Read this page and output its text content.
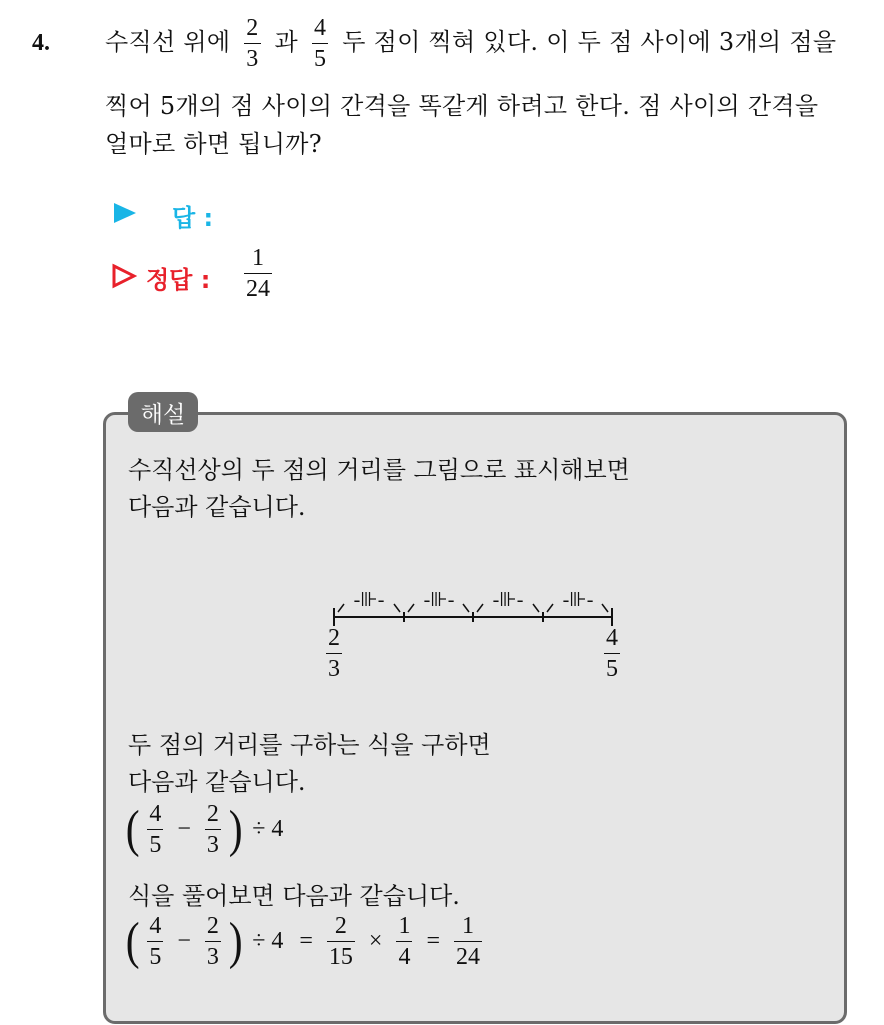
4. 수직선 위에 $\frac{2}{3}$ 과 $\frac{4}{5}$ 두 점이 찍혀 있다. 이 두 점 사이에 3개의 점을
찍어 5개의 점 사이의 간격을 똑같게 하려고 한다. 점 사이의 간격을
얼마로 하면 됩니까?
답 :
정답 : $\frac{1}{24}$
해설
수직선상의 두 점의 거리를 그림으로 표시해보면
다음과 같습니다.
-⊪- -⊪- -⊪- -⊪-
$\frac{2}{3}$	$\frac{4}{5}$
두 점의 거리를 구하는 식을 구하면
다음과 같습니다.
( $\frac{4}{5} - \frac{2}{3}$ ) ÷ 4
식을 풀어보면 다음과 같습니다.
( $\frac{4}{5} - \frac{2}{3}$ ) ÷ $4 = \frac{2}{15} \times \frac{1}{4} = \frac{1}{24}$
